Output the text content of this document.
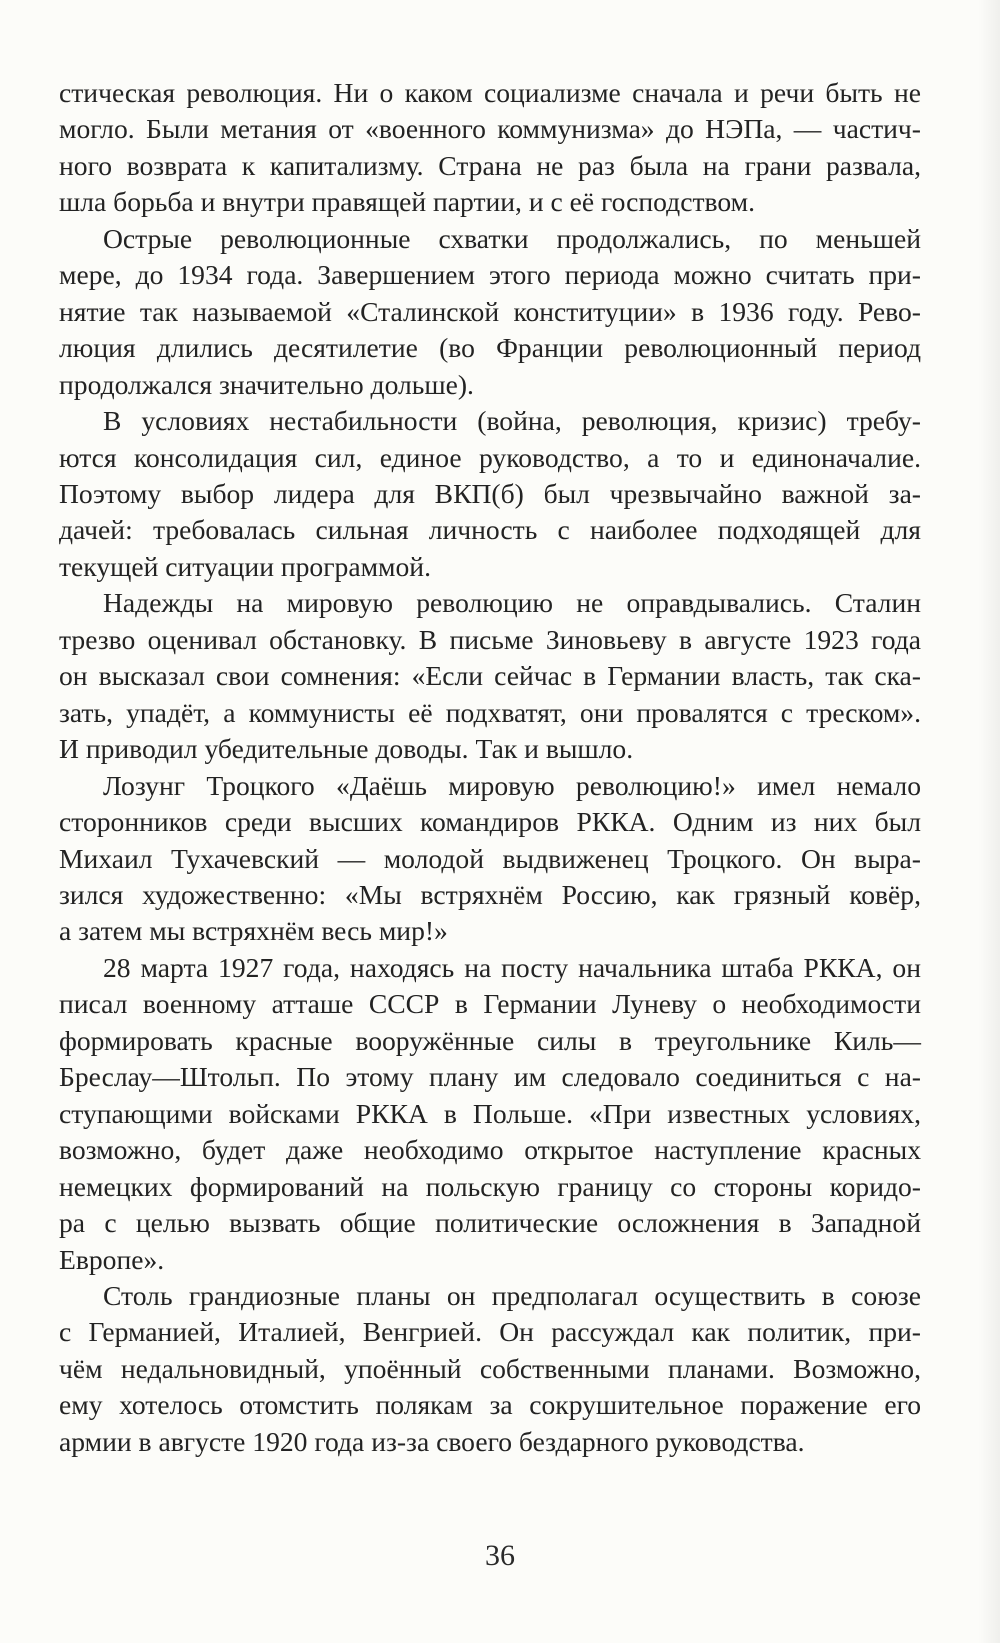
стическая революция. Ни о каком социализме сначала и речи быть не
могло. Были метания от «военного коммунизма» до НЭПа, — частич-
ного возврата к капитализму. Страна не раз была на грани развала,
шла борьба и внутри правящей партии, и с её господством.
Острые революционные схватки продолжались, по меньшей
мере, до 1934 года. Завершением этого периода можно считать при-
нятие так называемой «Сталинской конституции» в 1936 году. Рево-
люция длились десятилетие (во Франции революционный период
продолжался значительно дольше).
В условиях нестабильности (война, революция, кризис) требу-
ются консолидация сил, единое руководство, а то и единоначалие.
Поэтому выбор лидера для ВКП(б) был чрезвычайно важной за-
дачей: требовалась сильная личность с наиболее подходящей для
текущей ситуации программой.
Надежды на мировую революцию не оправдывались. Сталин
трезво оценивал обстановку. В письме Зиновьеву в августе 1923 года
он высказал свои сомнения: «Если сейчас в Германии власть, так ска-
зать, упадёт, а коммунисты её подхватят, они провалятся с треском».
И приводил убедительные доводы. Так и вышло.
Лозунг Троцкого «Даёшь мировую революцию!» имел немало
сторонников среди высших командиров РККА. Одним из них был
Михаил Тухачевский — молодой выдвиженец Троцкого. Он выра-
зился художественно: «Мы встряхнём Россию, как грязный ковёр,
а затем мы встряхнём весь мир!»
28 марта 1927 года, находясь на посту начальника штаба РККА, он
писал военному атташе СССР в Германии Луневу о необходимости
формировать красные вооружённые силы в треугольнике Киль—
Бреслау—Штольп. По этому плану им следовало соединиться с на-
ступающими войсками РККА в Польше. «При известных условиях,
возможно, будет даже необходимо открытое наступление красных
немецких формирований на польскую границу со стороны коридо-
ра с целью вызвать общие политические осложнения в Западной
Европе».
Столь грандиозные планы он предполагал осуществить в союзе
с Германией, Италией, Венгрией. Он рассуждал как политик, при-
чём недальновидный, упоённый собственными планами. Возможно,
ему хотелось отомстить полякам за сокрушительное поражение его
армии в августе 1920 года из-за своего бездарного руководства.
36
